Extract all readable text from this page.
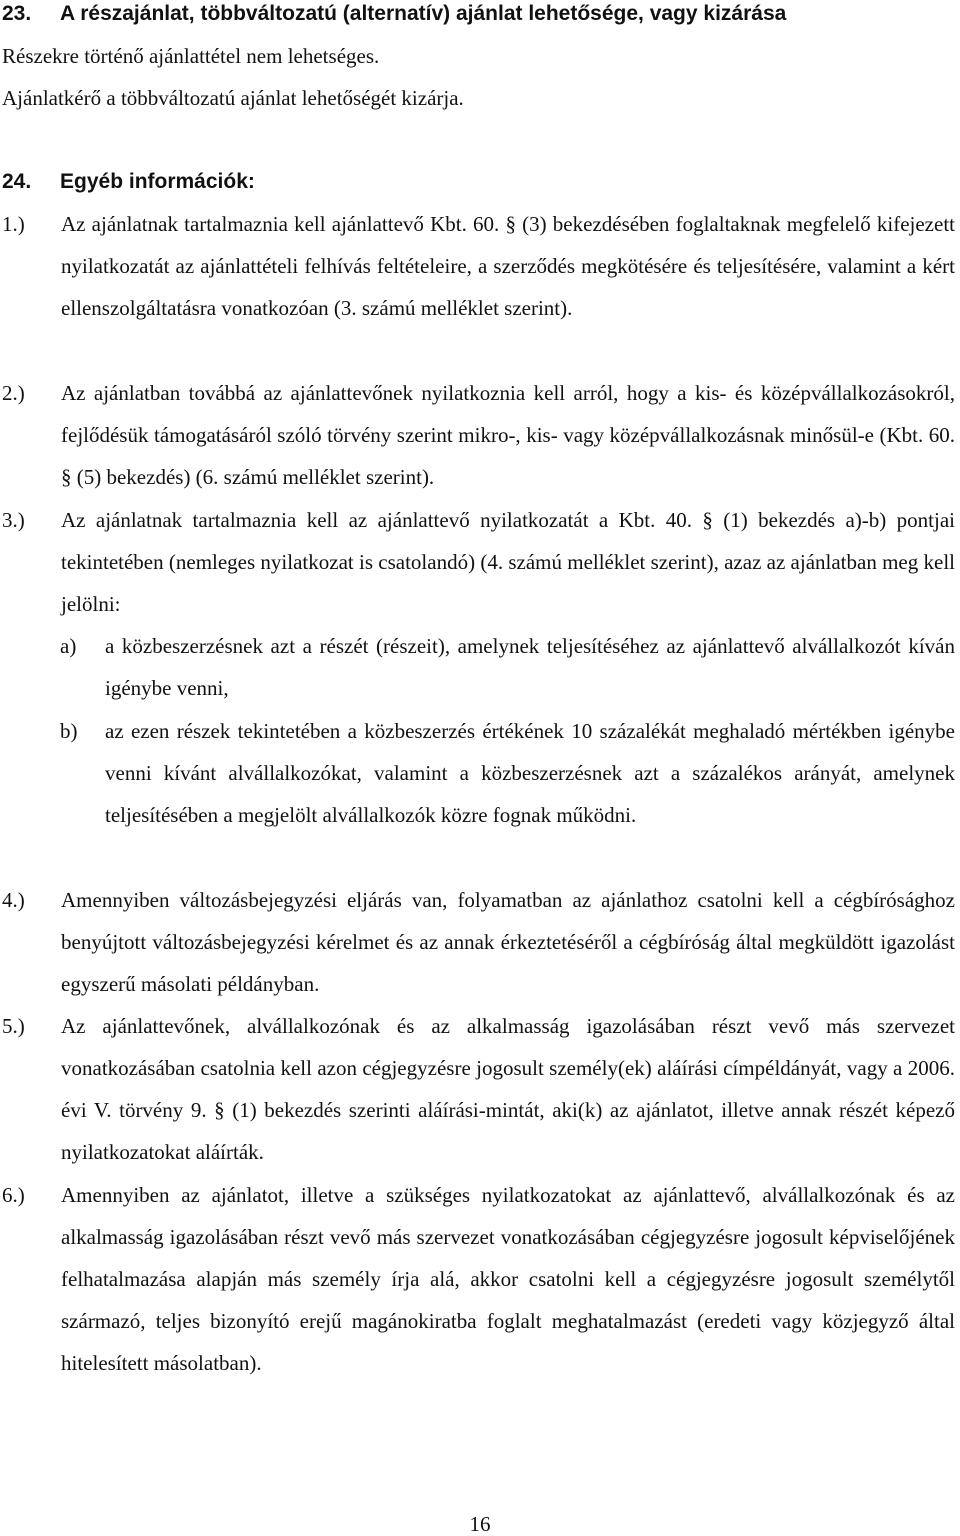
23. A részajánlat, többváltozatú (alternatív) ajánlat lehetősége, vagy kizárása
Részekre történő ajánlattétel nem lehetséges.
Ajánlatkérő a többváltozatú ajánlat lehetőségét kizárja.
24. Egyéb információk:
1.) Az ajánlatnak tartalmaznia kell ajánlattevő Kbt. 60. § (3) bekezdésében foglaltaknak megfelelő kifejezett nyilatkozatát az ajánlattételi felhívás feltételeire, a szerződés megkötésére és teljesítésére, valamint a kért ellenszolgáltatásra vonatkozóan (3. számú melléklet szerint).
2.) Az ajánlatban továbbá az ajánlattevőnek nyilatkoznia kell arról, hogy a kis- és középvállalkozásokról, fejlődésük támogatásáról szóló törvény szerint mikro-, kis- vagy középvállalkozásnak minősül-e (Kbt. 60. § (5) bekezdés) (6. számú melléklet szerint).
3.) Az ajánlatnak tartalmaznia kell az ajánlattevő nyilatkozatát a Kbt. 40. § (1) bekezdés a)-b) pontjai tekintetében (nemleges nyilatkozat is csatolandó) (4. számú melléklet szerint), azaz az ajánlatban meg kell jelölni:
a) a közbeszerzésnek azt a részét (részeit), amelynek teljesítéséhez az ajánlattevő alvállalkozót kíván igénybe venni,
b) az ezen részek tekintetében a közbeszerzés értékének 10 százalékát meghaladó mértékben igénybe venni kívánt alvállalkozókat, valamint a közbeszerzésnek azt a százalékos arányát, amelynek teljesítésében a megjelölt alvállalkozók közre fognak működni.
4.) Amennyiben változásbejegyzési eljárás van, folyamatban az ajánlathoz csatolni kell a cégbírósághoz benyújtott változásbejegyzési kérelmet és az annak érkeztetéséről a cégbíróság által megküldött igazolást egyszerű másolati példányban.
5.) Az ajánlattevőnek, alvállalkozónak és az alkalmasság igazolásában részt vevő más szervezet vonatkozásában csatolnia kell azon cégjegyzésre jogosult személy(ek) aláírási címpéldányát, vagy a 2006. évi V. törvény 9. § (1) bekezdés szerinti aláírási-mintát, aki(k) az ajánlatot, illetve annak részét képező nyilatkozatokat aláírták.
6.) Amennyiben az ajánlatot, illetve a szükséges nyilatkozatokat az ajánlattevő, alvállalkozónak és az alkalmasság igazolásában részt vevő más szervezet vonatkozásában cégjegyzésre jogosult képviselőjének felhatalmazása alapján más személy írja alá, akkor csatolni kell a cégjegyzésre jogosult személytől származó, teljes bizonyító erejű magánokiratba foglalt meghatalmazást (eredeti vagy közjegyző által hitelesített másolatban).
16
